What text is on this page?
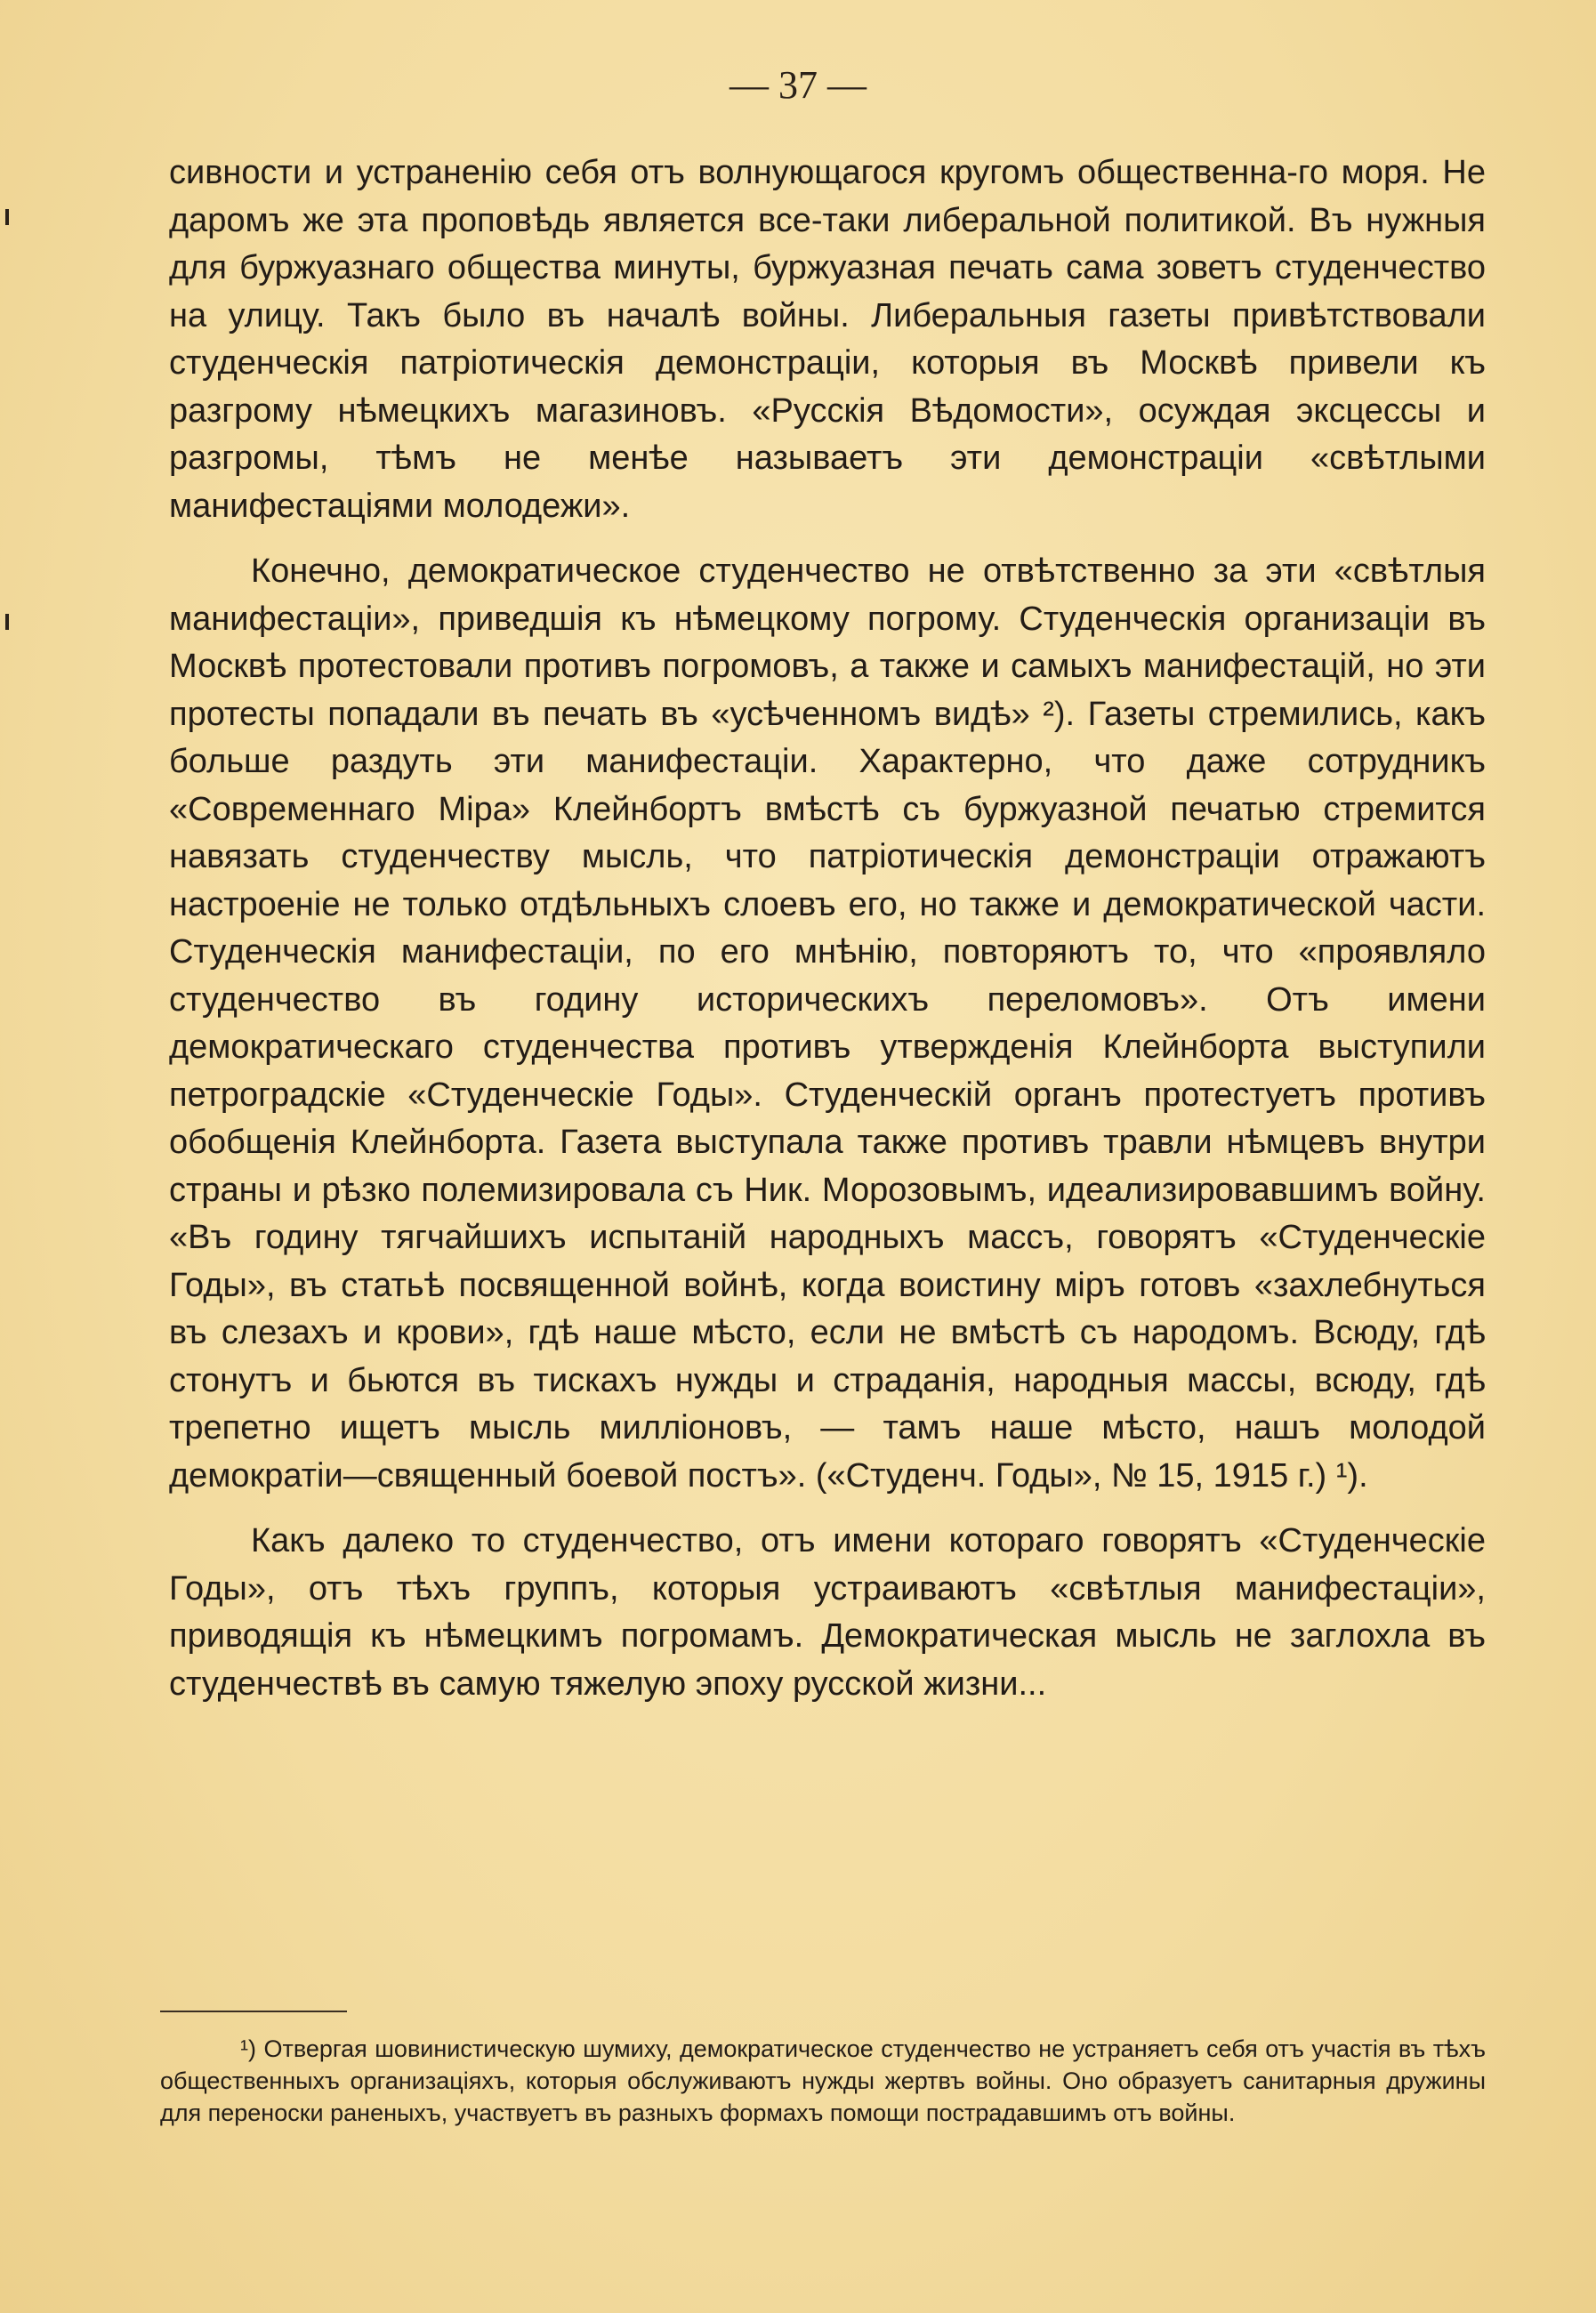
— 37 —

сивности и устраненію себя отъ волнующагося кругомъ общественна-го моря. Не даромъ же эта проповѣдь является все-таки либеральной политикой. Въ нужныя для буржуазнаго общества минуты, буржуазная печать сама зоветъ студенчество на улицу. Такъ было въ началѣ войны. Либеральныя газеты привѣтствовали студенческія патріотическія демонстраціи, которыя въ Москвѣ привели къ разгрому нѣмецкихъ магазиновъ. «Русскія Вѣдомости», осуждая эксцессы и разгромы, тѣмъ не менѣе называетъ эти демонстраціи «свѣтлыми манифестаціями молодежи».

Конечно, демократическое студенчество не отвѣтственно за эти «свѣтлыя манифестаціи», приведшія къ нѣмецкому погрому. Студенческія организаціи въ Москвѣ протестовали противъ погромовъ, а также и самыхъ манифестацій, но эти протесты попадали въ печать въ «усѣченномъ видѣ» ²). Газеты стремились, какъ больше раздуть эти манифестаціи. Характерно, что даже сотрудникъ «Современнаго Міра» Клейнбортъ вмѣстѣ съ буржуазной печатью стремится навязать студенчеству мысль, что патріотическія демонстраціи отражаютъ настроеніе не только отдѣльныхъ слоевъ его, но также и демократической части. Студенческія манифестаціи, по его мнѣнію, повторяютъ то, что «проявляло студенчество въ годину историческихъ переломовъ». Отъ имени демократическаго студенчества противъ утвержденія Клейнборта выступили петроградскіе «Студенческіе Годы». Студенческій органъ протестуетъ противъ обобщенія Клейнборта. Газета выступала также противъ травли нѣмцевъ внутри страны и рѣзко полемизировала съ Ник. Морозовымъ, идеализировавшимъ войну. «Въ годину тягчайшихъ испытаній народныхъ массъ, говорятъ «Студенческіе Годы», въ статьѣ посвященной войнѣ, когда воистину міръ готовъ «захлебнуться въ слезахъ и крови», гдѣ наше мѣсто, если не вмѣстѣ съ народомъ. Всюду, гдѣ стонутъ и бьются въ тискахъ нужды и страданія, народныя массы, всюду, гдѣ трепетно ищетъ мысль милліоновъ, — тамъ наше мѣсто, нашъ молодой демократіи—священный боевой постъ». («Студенч. Годы», № 15, 1915 г.) ¹).

Какъ далеко то студенчество, отъ имени котораго говорятъ «Студенческіе Годы», отъ тѣхъ группъ, которыя устраиваютъ «свѣтлыя манифестаціи», приводящія къ нѣмецкимъ погромамъ. Демократическая мысль не заглохла въ студенчествѣ въ самую тяжелую эпоху русской жизни...

¹) Отвергая шовинистическую шумиху, демократическое студенчество не устраняетъ себя отъ участія въ тѣхъ общественныхъ организаціяхъ, которыя обслуживаютъ нужды жертвъ войны. Оно образуетъ санитарныя дружины для переноски раненыхъ, участвуетъ въ разныхъ формахъ помощи пострадавшимъ отъ войны.
